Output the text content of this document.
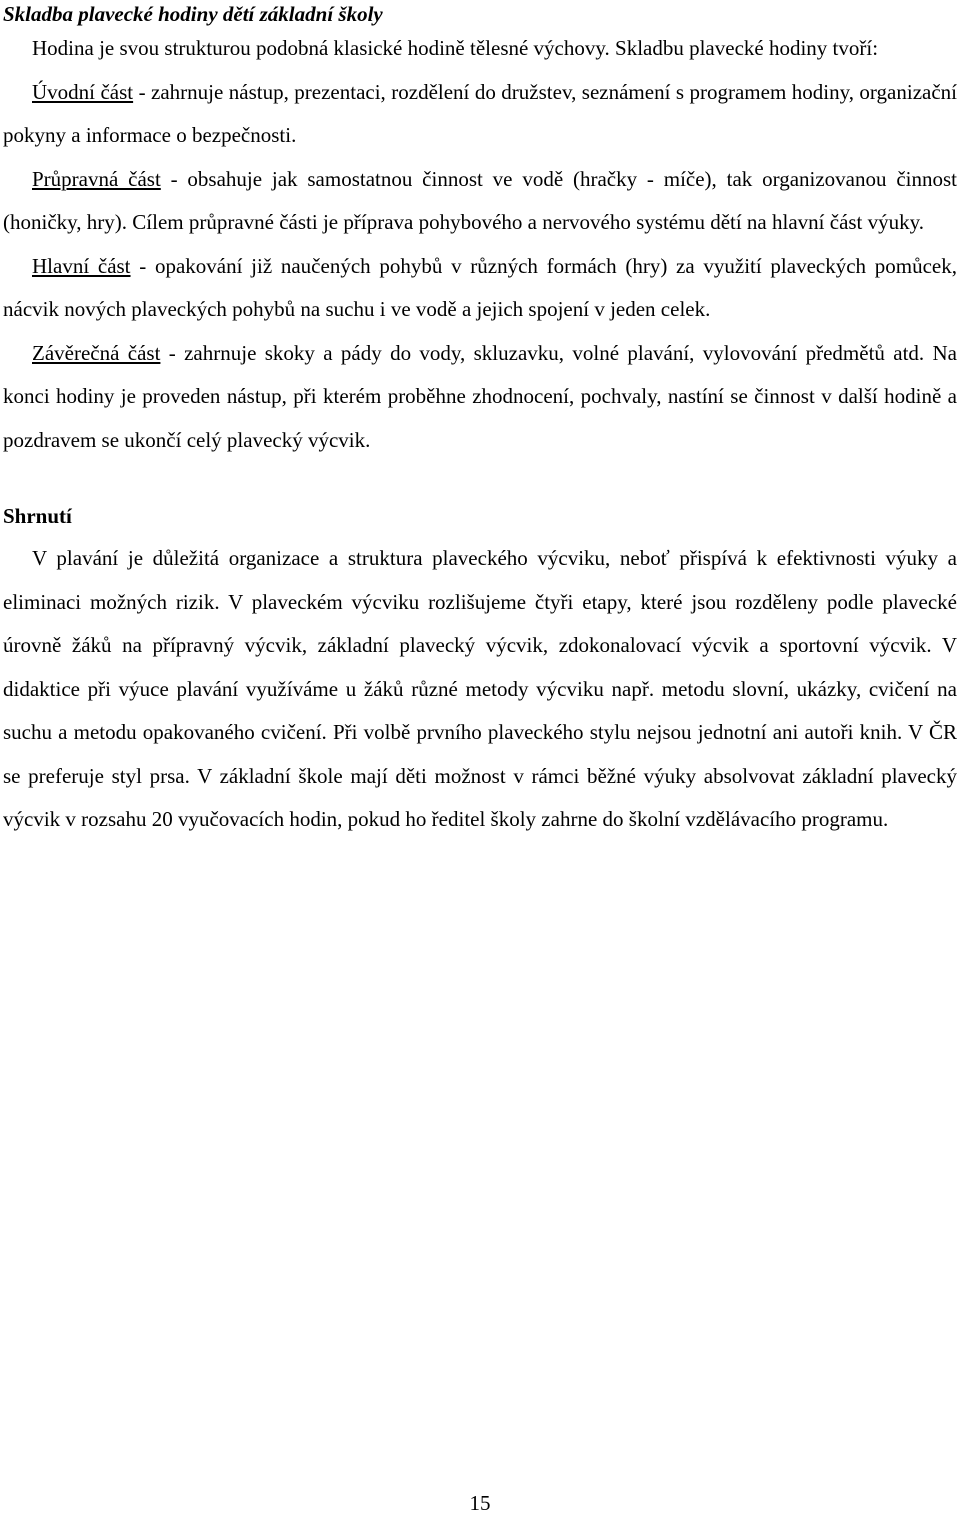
Skladba plavecké hodiny dětí základní školy

Hodina je svou strukturou podobná klasické hodině tělesné výchovy. Skladbu plavecké hodiny tvoří:

Úvodní část - zahrnuje nástup, prezentaci, rozdělení do družstev, seznámení s programem hodiny, organizační pokyny a informace o bezpečnosti.

Průpravná část - obsahuje jak samostatnou činnost ve vodě (hračky - míče), tak organizovanou činnost (honičky, hry). Cílem průpravné části je příprava pohybového a nervového systému dětí na hlavní část výuky.

Hlavní část - opakování již naučených pohybů v různých formách (hry) za využití plaveckých pomůcek, nácvik nových plaveckých pohybů na suchu i ve vodě a jejich spojení v jeden celek.

Závěrečná část - zahrnuje skoky a pády do vody, skluzavku, volné plavání, vylovování předmětů atd. Na konci hodiny je proveden nástup, při kterém proběhne zhodnocení, pochvaly, nastíní se činnost v další hodině a pozdravem se ukončí celý plavecký výcvik.

Shrnutí

V plavání je důležitá organizace a struktura plaveckého výcviku, neboť přispívá k efektivnosti výuky a eliminaci možných rizik. V plaveckém výcviku rozlišujeme čtyři etapy, které jsou rozděleny podle plavecké úrovně žáků na přípravný výcvik, základní plavecký výcvik, zdokonalovací výcvik a sportovní výcvik. V didaktice při výuce plavání využíváme u žáků různé metody výcviku např. metodu slovní, ukázky, cvičení na suchu a metodu opakovaného cvičení. Při volbě prvního plaveckého stylu nejsou jednotní ani autoři knih. V ČR se preferuje styl prsa. V základní škole mají děti možnost v rámci běžné výuky absolvovat základní plavecký výcvik v rozsahu 20 vyučovacích hodin, pokud ho ředitel školy zahrne do školní vzdělávacího programu.

15
